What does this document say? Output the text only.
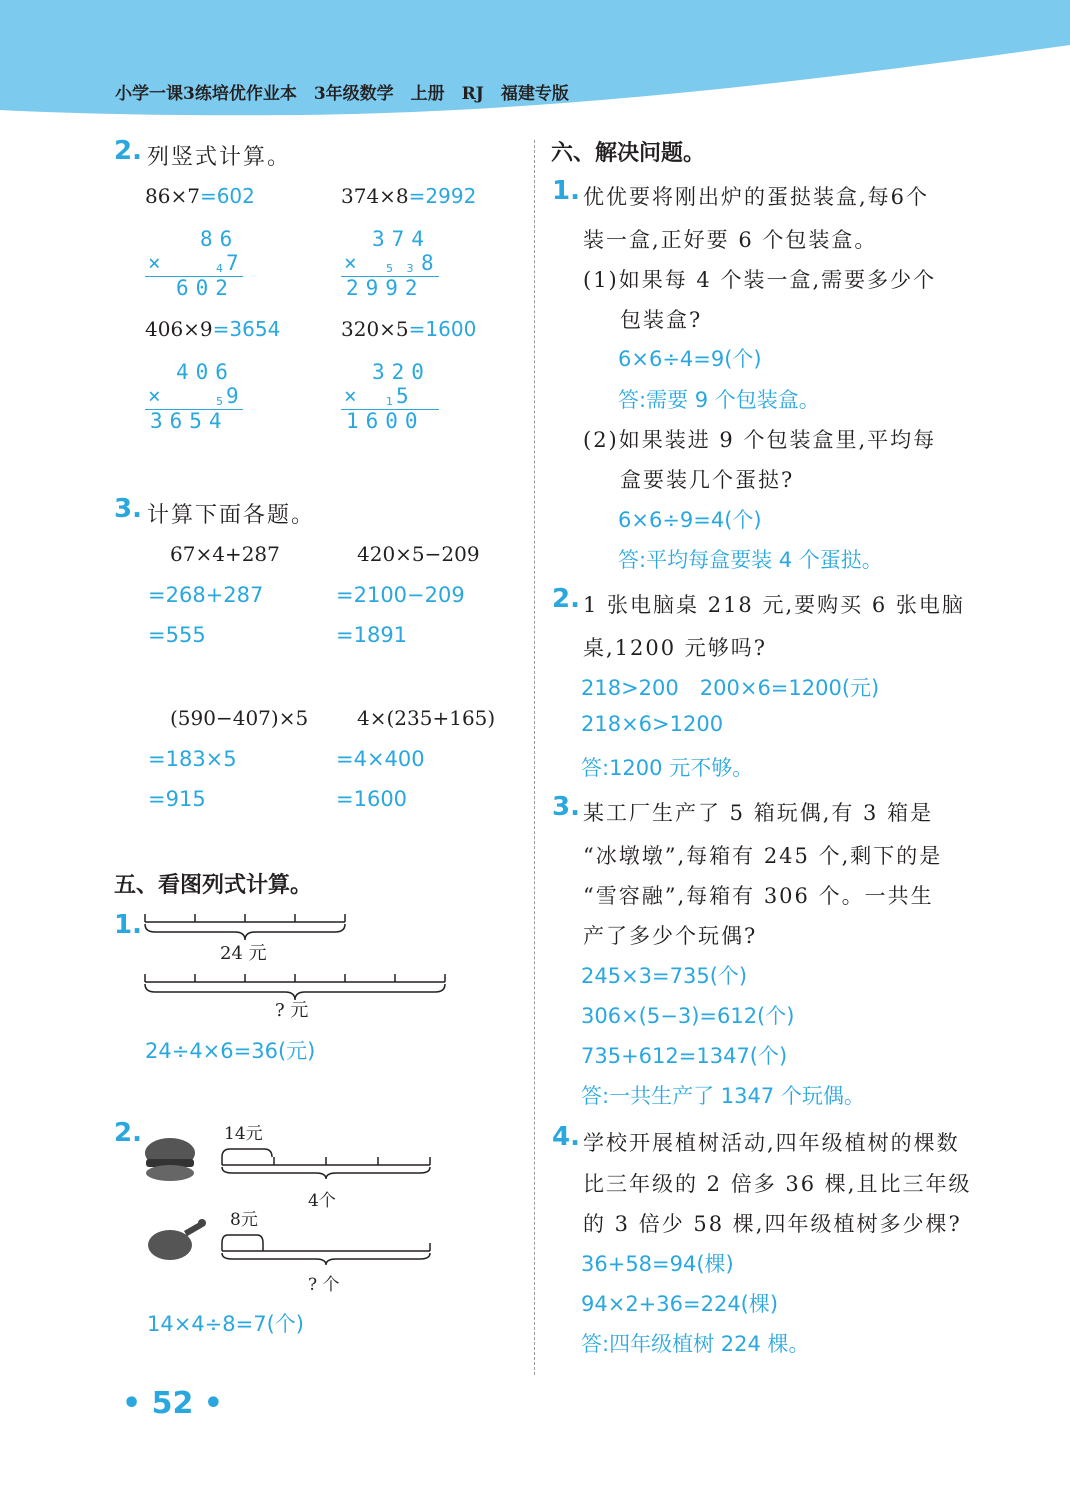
小学一课3练培优作业本　3年级数学　上册　RJ　福建专版
2. 列竖式计算。
86×7=602
86
×	4 7
602
374×8=2992
374
× 5 3 8
2992
406×9=3654
406
×	5 9
3654
320×5=1600
320
× 1 5
1600
3. 计算下面各题。
67×4+287
=268+287
=555
420×5−209
=2100−209
=1891
(590−407)×5
=183×5
=915
4×(235+165)
=4×400
=1600
五、看图列式计算。
1.
24 元
? 元
24÷4×6=36(元)
2.	14元
4个
8元
? 个
14×4÷8=7(个)
六、解决问题。
1. 优优要将刚出炉的蛋挞装盒,每6个
装一盒,正好要 6 个包装盒。
(1)如果每 4 个装一盒,需要多少个
包装盒?
6×6÷4=9(个)
答:需要 9 个包装盒。
(2)如果装进 9 个包装盒里,平均每
盒要装几个蛋挞?
6×6÷9=4(个)
答:平均每盒要装 4 个蛋挞。
2. 1 张电脑桌 218 元,要购买 6 张电脑
桌,1200 元够吗?
218>200　200×6=1200(元)
218×6>1200
答:1200 元不够。
3. 某工厂生产了 5 箱玩偶,有 3 箱是
“冰墩墩”,每箱有 245 个,剩下的是
“雪容融”,每箱有 306 个。一共生
产了多少个玩偶?
245×3=735(个)
306×(5−3)=612(个)
735+612=1347(个)
答:一共生产了 1347 个玩偶。
4. 学校开展植树活动,四年级植树的棵数
比三年级的 2 倍多 36 棵,且比三年级
的 3 倍少 58 棵,四年级植树多少棵?
36+58=94(棵)
94×2+36=224(棵)
答:四年级植树 224 棵。
• 52 •
